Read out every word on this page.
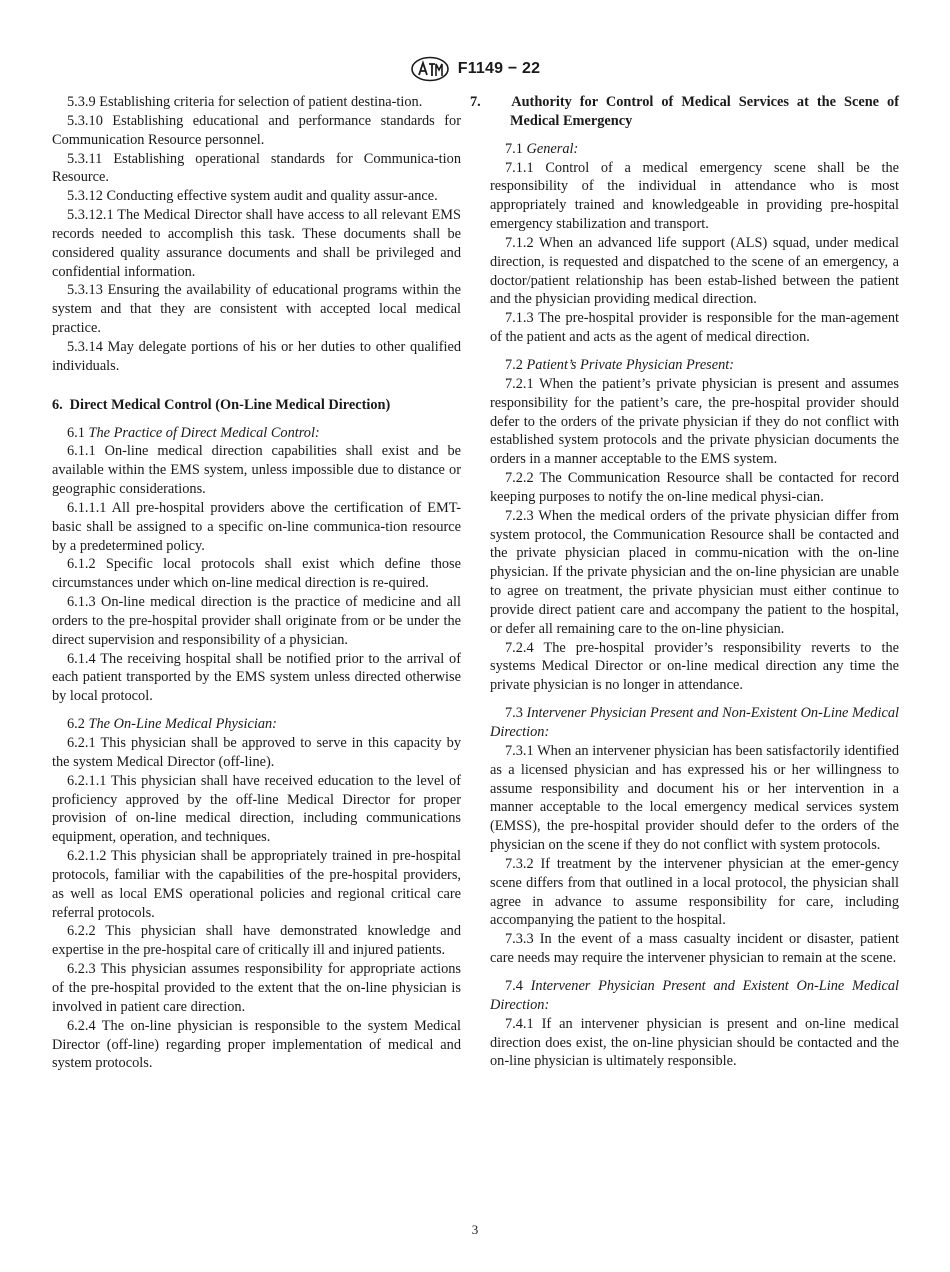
F1149 − 22

5.3.9 Establishing criteria for selection of patient destina-tion.

5.3.10 Establishing educational and performance standards for Communication Resource personnel.

5.3.11 Establishing operational standards for Communica-tion Resource.

5.3.12 Conducting effective system audit and quality assur-ance.

5.3.12.1 The Medical Director shall have access to all relevant EMS records needed to accomplish this task. These documents shall be considered quality assurance documents and shall be privileged and confidential information.

5.3.13 Ensuring the availability of educational programs within the system and that they are consistent with accepted local medical practice.

5.3.14 May delegate portions of his or her duties to other qualified individuals.

6. Direct Medical Control (On-Line Medical Direction)

6.1 The Practice of Direct Medical Control:

6.1.1 On-line medical direction capabilities shall exist and be available within the EMS system, unless impossible due to distance or geographic considerations.

6.1.1.1 All pre-hospital providers above the certification of EMT-basic shall be assigned to a specific on-line communica-tion resource by a predetermined policy.

6.1.2 Specific local protocols shall exist which define those circumstances under which on-line medical direction is re-quired.

6.1.3 On-line medical direction is the practice of medicine and all orders to the pre-hospital provider shall originate from or be under the direct supervision and responsibility of a physician.

6.1.4 The receiving hospital shall be notified prior to the arrival of each patient transported by the EMS system unless directed otherwise by local protocol.

6.2 The On-Line Medical Physician:

6.2.1 This physician shall be approved to serve in this capacity by the system Medical Director (off-line).

6.2.1.1 This physician shall have received education to the level of proficiency approved by the off-line Medical Director for proper provision of on-line medical direction, including communications equipment, operation, and techniques.

6.2.1.2 This physician shall be appropriately trained in pre-hospital protocols, familiar with the capabilities of the pre-hospital providers, as well as local EMS operational policies and regional critical care referral protocols.

6.2.2 This physician shall have demonstrated knowledge and expertise in the pre-hospital care of critically ill and injured patients.

6.2.3 This physician assumes responsibility for appropriate actions of the pre-hospital provided to the extent that the on-line physician is involved in patient care direction.

6.2.4 The on-line physician is responsible to the system Medical Director (off-line) regarding proper implementation of medical and system protocols.

7. Authority for Control of Medical Services at the Scene of Medical Emergency

7.1 General:

7.1.1 Control of a medical emergency scene shall be the responsibility of the individual in attendance who is most appropriately trained and knowledgeable in providing pre-hospital emergency stabilization and transport.

7.1.2 When an advanced life support (ALS) squad, under medical direction, is requested and dispatched to the scene of an emergency, a doctor/patient relationship has been estab-lished between the patient and the physician providing medical direction.

7.1.3 The pre-hospital provider is responsible for the man-agement of the patient and acts as the agent of medical direction.

7.2 Patient’s Private Physician Present:

7.2.1 When the patient’s private physician is present and assumes responsibility for the patient’s care, the pre-hospital provider should defer to the orders of the private physician if they do not conflict with established system protocols and the private physician documents the orders in a manner acceptable to the EMS system.

7.2.2 The Communication Resource shall be contacted for record keeping purposes to notify the on-line medical physi-cian.

7.2.3 When the medical orders of the private physician differ from system protocol, the Communication Resource shall be contacted and the private physician placed in commu-nication with the on-line physician. If the private physician and the on-line physician are unable to agree on treatment, the private physician must either continue to provide direct patient care and accompany the patient to the hospital, or defer all remaining care to the on-line physician.

7.2.4 The pre-hospital provider’s responsibility reverts to the systems Medical Director or on-line medical direction any time the private physician is no longer in attendance.

7.3 Intervener Physician Present and Non-Existent On-Line Medical Direction:

7.3.1 When an intervener physician has been satisfactorily identified as a licensed physician and has expressed his or her willingness to assume responsibility and document his or her intervention in a manner acceptable to the local emergency medical services system (EMSS), the pre-hospital provider should defer to the orders of the physician on the scene if they do not conflict with system protocols.

7.3.2 If treatment by the intervener physician at the emer-gency scene differs from that outlined in a local protocol, the physician shall agree in advance to assume responsibility for care, including accompanying the patient to the hospital.

7.3.3 In the event of a mass casualty incident or disaster, patient care needs may require the intervener physician to remain at the scene.

7.4 Intervener Physician Present and Existent On-Line Medical Direction:

7.4.1 If an intervener physician is present and on-line medical direction does exist, the on-line physician should be contacted and the on-line physician is ultimately responsible.

3
